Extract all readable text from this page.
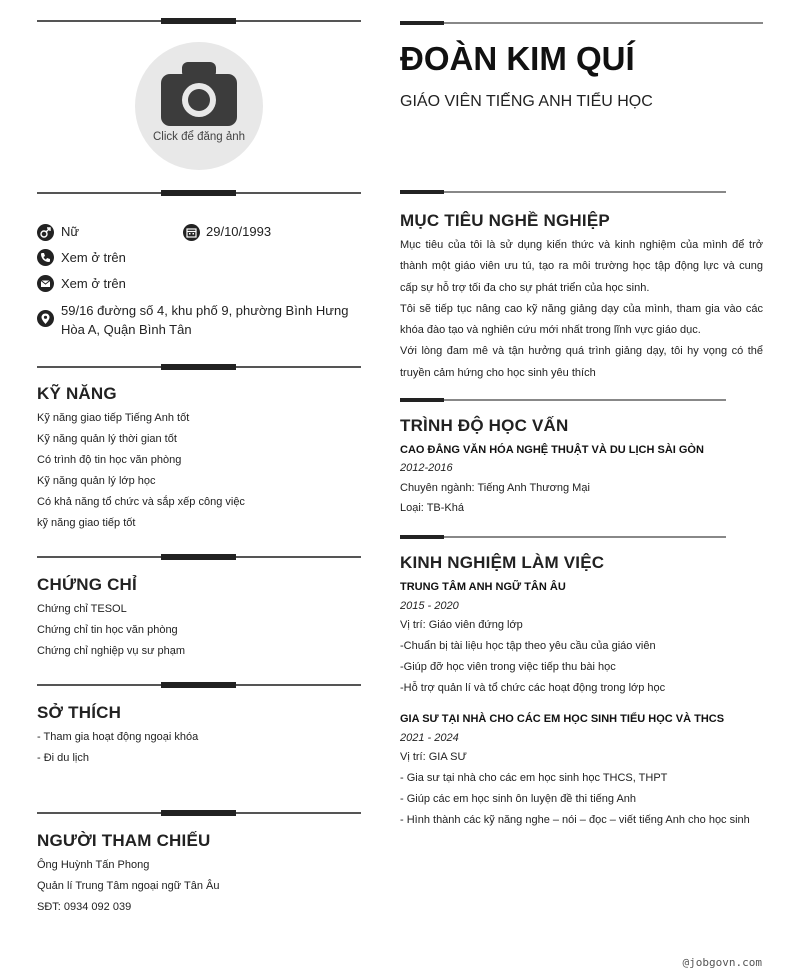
Click để đăng ảnh
Nữ	29/10/1993
Xem ở trên
Xem ở trên
59/16 đường số 4, khu phố 9, phường Bình Hưng
Hòa A, Quận Bình Tân
KỸ NĂNG
Kỹ năng giao tiếp Tiếng Anh tốt
Kỹ năng quản lý thời gian tốt
Có trình độ tin học văn phòng
Kỹ năng quản lý lớp học
Có khả năng tổ chức và sắp xếp công việc
kỹ năng giao tiếp tốt
CHỨNG CHỈ
Chứng chỉ TESOL
Chứng chỉ tin học văn phòng
Chứng chỉ nghiệp vụ sư phạm
SỞ THÍCH
- Tham gia hoạt động ngoại khóa
- Đi du lịch
NGƯỜI THAM CHIẾU
Ông Huỳnh Tấn Phong
Quản lí Trung Tâm ngoại ngữ Tân Âu
SĐT: 0934 092 039
ĐOÀN KIM QUÍ
GIÁO VIÊN TIẾNG ANH TIỂU HỌC
MỤC TIÊU NGHỀ NGHIỆP
Mục tiêu của tôi là sử dụng kiến thức và kinh nghiệm của mình để trở thành một giáo viên ưu tú, tạo ra môi trường học tập động lực và cung cấp sự hỗ trợ tối đa cho sự phát triển của học sinh.
Tôi sẽ tiếp tục nâng cao kỹ năng giảng dạy của mình, tham gia vào các khóa đào tạo và nghiên cứu mới nhất trong lĩnh vực giáo dục.
Với lòng đam mê và tận hưởng quá trình giảng dạy, tôi hy vọng có thể truyền cảm hứng cho học sinh yêu thích
TRÌNH ĐỘ HỌC VẤN
CAO ĐẲNG VĂN HÓA NGHỆ THUẬT VÀ DU LỊCH SÀI GÒN
2012-2016
Chuyên ngành: Tiếng Anh Thương Mại
Loại: TB-Khá
KINH NGHIỆM LÀM VIỆC
TRUNG TÂM ANH NGỮ TÂN ÂU
2015 - 2020
Vị trí: Giáo viên đứng lớp
-Chuẩn bị tài liệu học tập theo yêu cầu của giáo viên
-Giúp đỡ học viên trong việc tiếp thu bài học
-Hỗ trợ quản lí và tổ chức các hoạt động trong lớp học
GIA SƯ TẠI NHÀ CHO CÁC EM HỌC SINH TIỂU HỌC VÀ THCS
2021 - 2024
Vị trí: GIA SƯ
- Gia sư tại nhà cho các em học sinh học THCS, THPT
- Giúp các em học sinh ôn luyện đề thi tiếng Anh
- Hình thành các kỹ năng nghe – nói – đọc – viết tiếng Anh cho học sinh
@jobgovn.com
